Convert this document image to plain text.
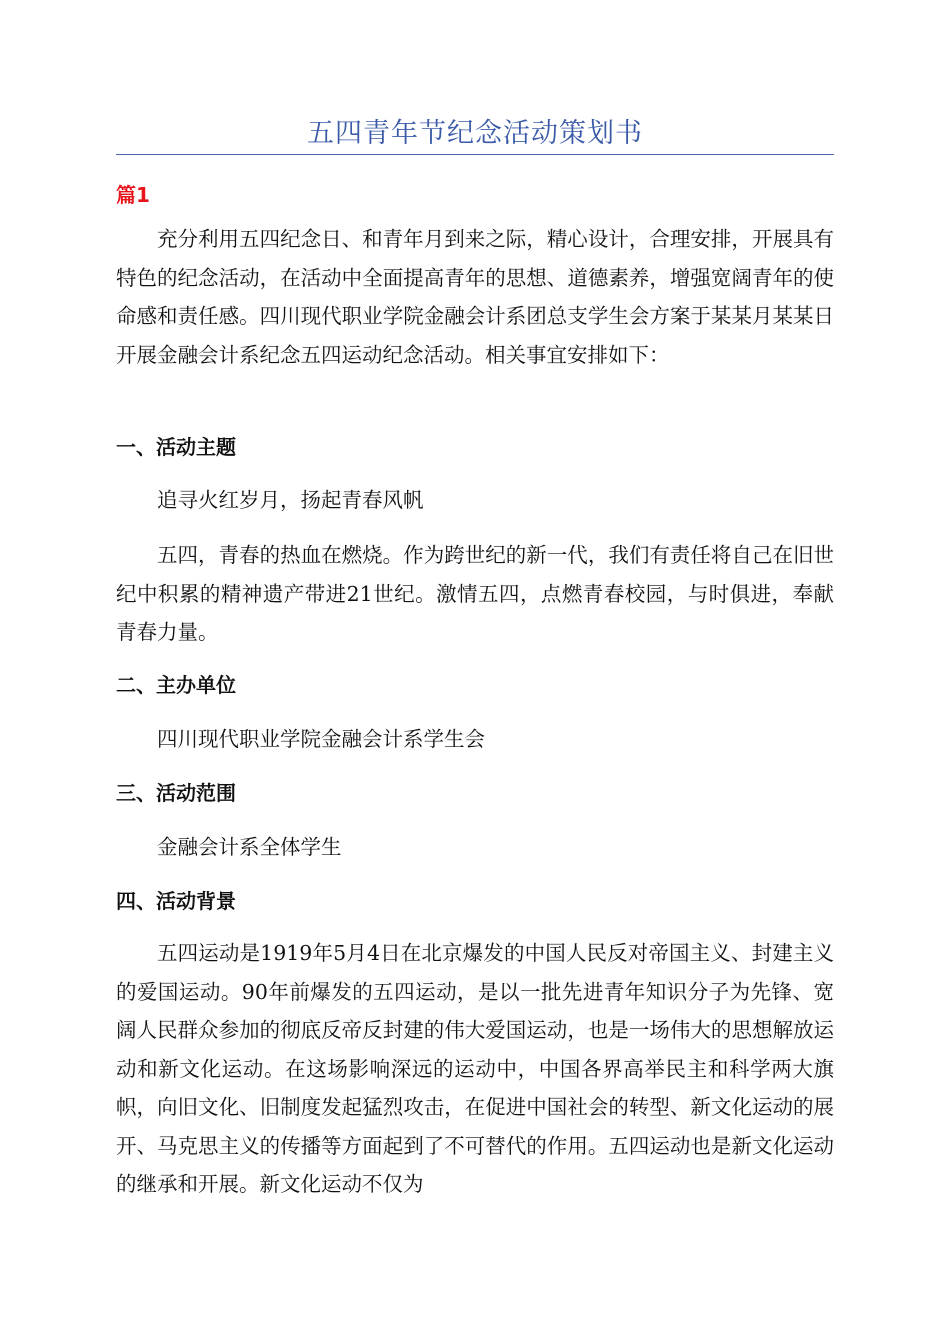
五四青年节纪念活动策划书

篇1

充分利用五四纪念日、和青年月到来之际，精心设计，合理安排，开展具有特色的纪念活动，在活动中全面提高青年的思想、道德素养，增强宽阔青年的使命感和责任感。四川现代职业学院金融会计系团总支学生会方案于某某月某某日开展金融会计系纪念五四运动纪念活动。相关事宜安排如下：

一、活动主题

追寻火红岁月，扬起青春风帆

五四，青春的热血在燃烧。作为跨世纪的新一代，我们有责任将自己在旧世纪中积累的精神遗产带进21世纪。激情五四，点燃青春校园，与时俱进，奉献青春力量。

二、主办单位

四川现代职业学院金融会计系学生会

三、活动范围

金融会计系全体学生

四、活动背景

五四运动是1919年5月4日在北京爆发的中国人民反对帝国主义、封建主义的爱国运动。90年前爆发的五四运动，是以一批先进青年知识分子为先锋、宽阔人民群众参加的彻底反帝反封建的伟大爱国运动，也是一场伟大的思想解放运动和新文化运动。在这场影响深远的运动中，中国各界高举民主和科学两大旗帜，向旧文化、旧制度发起猛烈攻击，在促进中国社会的转型、新文化运动的展开、马克思主义的传播等方面起到了不可替代的作用。五四运动也是新文化运动的继承和开展。新文化运动不仅为
